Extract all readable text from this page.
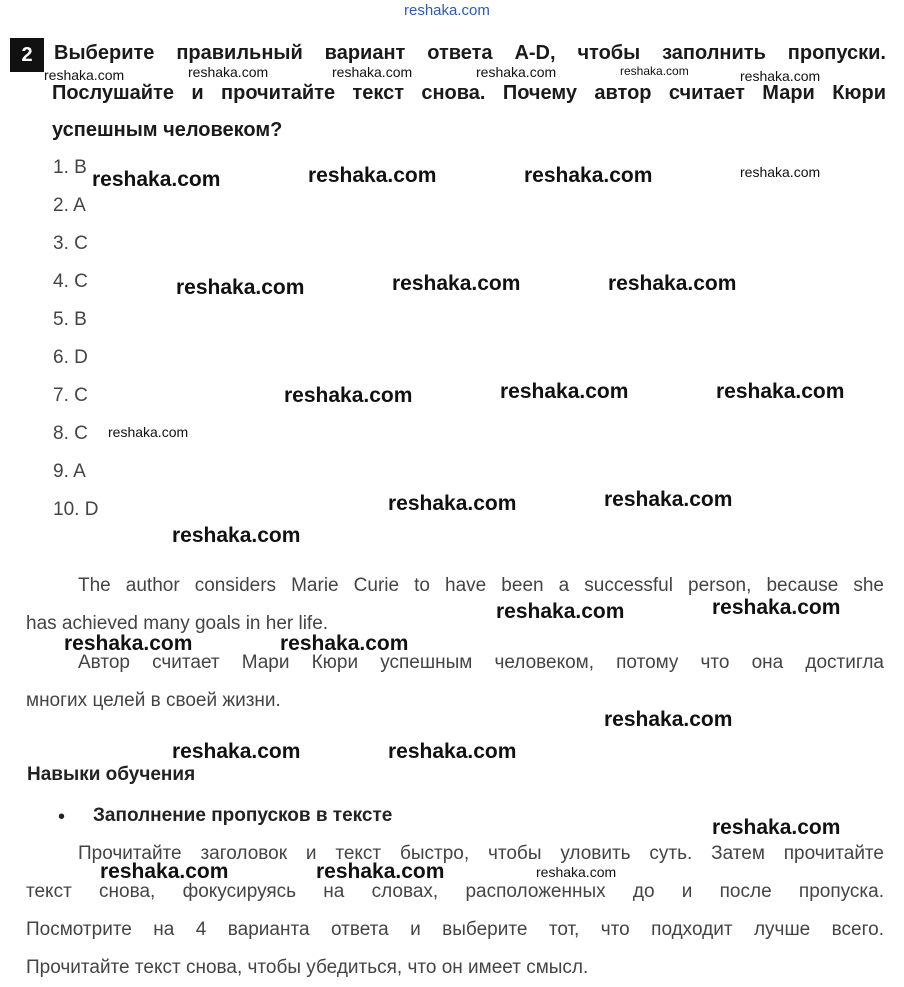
reshaka.com
2	Выберите правильный вариант ответа A-D, чтобы заполнить пропуски.
Послушайте и прочитайте текст снова. Почему автор считает Мари Кюри
успешным человеком?
1. B
2. A
3. C
4. C
5. B
6. D
7. C
8. C
9. A
10. D
The author considers Marie Curie to have been a successful person, because she
has achieved many goals in her life.
Автор считает Мари Кюри успешным человеком, потому что она достигла
многих целей в своей жизни.
Навыки обучения
• Заполнение пропусков в тексте
Прочитайте заголовок и текст быстро, чтобы уловить суть. Затем прочитайте
текст снова, фокусируясь на словах, расположенных до и после пропуска.
Посмотрите на 4 варианта ответа и выберите тот, что подходит лучше всего.
Прочитайте текст снова, чтобы убедиться, что он имеет смысл.
reshaka.com	reshaka.com	reshaka.com	reshaka.com	reshaka.com	reshaka.com
reshaka.com
reshaka.com
reshaka.com
reshaka.com	reshaka.com	reshaka.com
reshaka.com	reshaka.com	reshaka.com
reshaka.com	reshaka.com	reshaka.com
reshaka.com	reshaka.com
reshaka.com
reshaka.com	reshaka.com
reshaka.com	reshaka.com
reshaka.com
reshaka.com	reshaka.com
reshaka.com
reshaka.com	reshaka.com
